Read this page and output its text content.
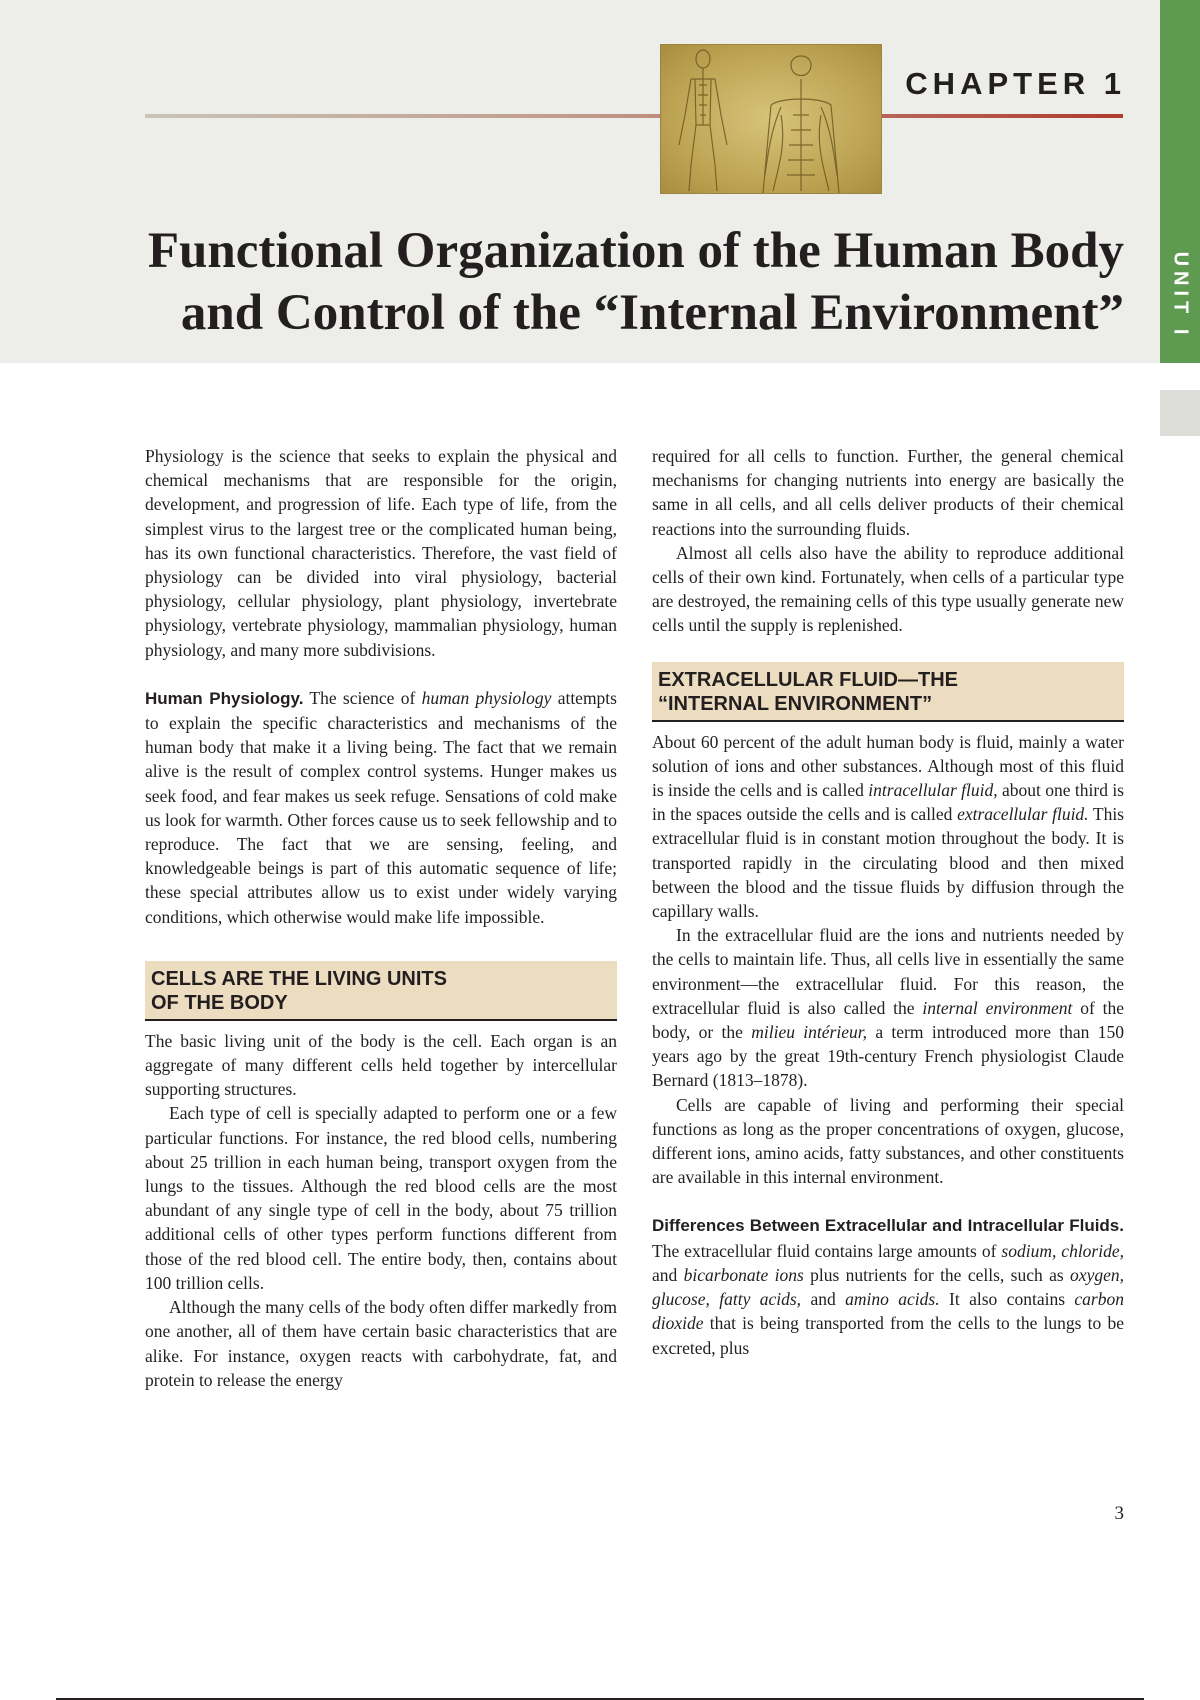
CHAPTER 1
Functional Organization of the Human Body
and Control of the “Internal Environment” UNIT I

Physiology is the science that seeks to explain the physical and chemical mechanisms that are responsible for the origin, development, and progression of life. Each type of life, from the simplest virus to the largest tree or the complicated human being, has its own functional characteristics. Therefore, the vast field of physiology can be divided into viral physiology, bacterial physiology, cellular physiology, plant physiology, invertebrate physiology, vertebrate physiology, mammalian physiology, human physiology, and many more subdivisions.

Human Physiology. The science of human physiology attempts to explain the specific characteristics and mechanisms of the human body that make it a living being. The fact that we remain alive is the result of complex control systems. Hunger makes us seek food, and fear makes us seek refuge. Sensations of cold make us look for warmth. Other forces cause us to seek fellowship and to reproduce. The fact that we are sensing, feeling, and knowledgeable beings is part of this automatic sequence of life; these special attributes allow us to exist under widely varying conditions, which otherwise would make life impossible.

CELLS ARE THE LIVING UNITS
OF THE BODY

The basic living unit of the body is the cell. Each organ is an aggregate of many different cells held together by intercellular supporting structures.

Each type of cell is specially adapted to perform one or a few particular functions. For instance, the red blood cells, numbering about 25 trillion in each human being, transport oxygen from the lungs to the tissues. Although the red blood cells are the most abundant of any single type of cell in the body, about 75 trillion additional cells of other types perform functions different from those of the red blood cell. The entire body, then, contains about 100 trillion cells.

Although the many cells of the body often differ markedly from one another, all of them have certain basic characteristics that are alike. For instance, oxygen reacts with carbohydrate, fat, and protein to release the energy

required for all cells to function. Further, the general chemical mechanisms for changing nutrients into energy are basically the same in all cells, and all cells deliver products of their chemical reactions into the surrounding fluids.

Almost all cells also have the ability to reproduce additional cells of their own kind. Fortunately, when cells of a particular type are destroyed, the remaining cells of this type usually generate new cells until the supply is replenished.

EXTRACELLULAR FLUID—THE
“INTERNAL ENVIRONMENT”

About 60 percent of the adult human body is fluid, mainly a water solution of ions and other substances. Although most of this fluid is inside the cells and is called intracellular fluid, about one third is in the spaces outside the cells and is called extracellular fluid. This extracellular fluid is in constant motion throughout the body. It is transported rapidly in the circulating blood and then mixed between the blood and the tissue fluids by diffusion through the capillary walls.

In the extracellular fluid are the ions and nutrients needed by the cells to maintain life. Thus, all cells live in essentially the same environment—the extracellular fluid. For this reason, the extracellular fluid is also called the internal environment of the body, or the milieu intérieur, a term introduced more than 150 years ago by the great 19th-century French physiologist Claude Bernard (1813–1878).

Cells are capable of living and performing their special functions as long as the proper concentrations of oxygen, glucose, different ions, amino acids, fatty substances, and other constituents are available in this internal environment.

Differences Between Extracellular and Intracellular Fluids. The extracellular fluid contains large amounts of sodium, chloride, and bicarbonate ions plus nutrients for the cells, such as oxygen, glucose, fatty acids, and amino acids. It also contains carbon dioxide that is being transported from the cells to the lungs to be excreted, plus

3
